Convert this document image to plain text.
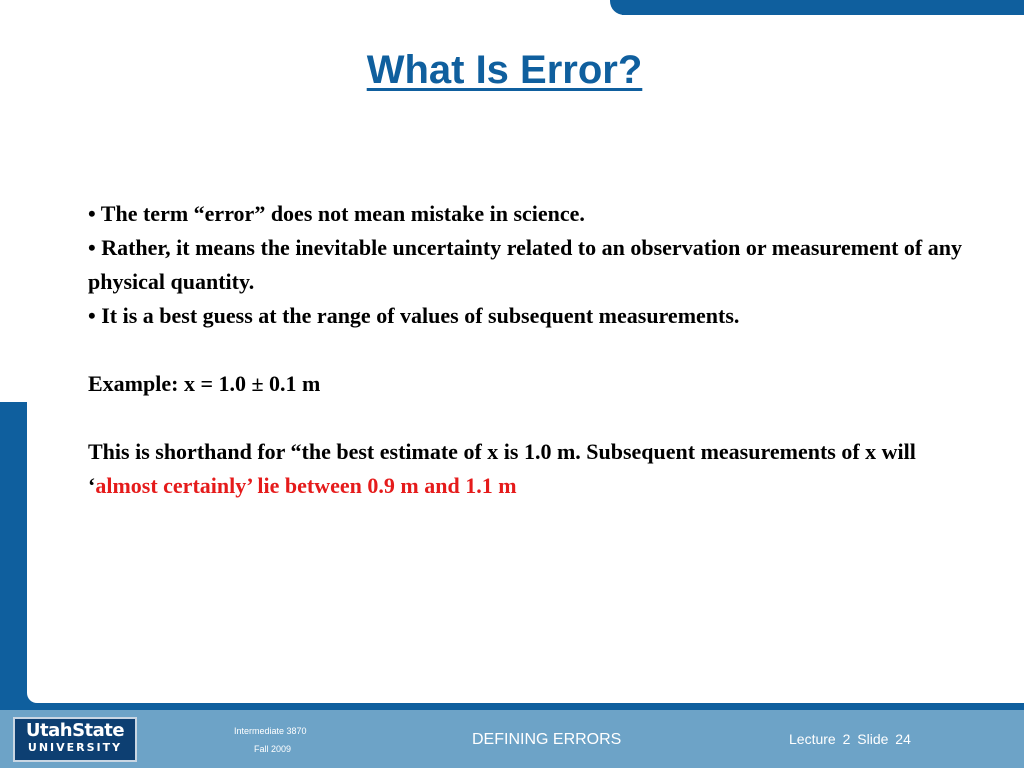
What Is Error?

• The term “error” does not mean mistake in science.

• Rather, it means the inevitable uncertainty related to an observation or measurement of any physical quantity.

• It is a best guess at the range of values of subsequent measurements.

Example: x = 1.0 ± 0.1 m

This is shorthand for “the best estimate of x is 1.0 m. Subsequent measurements of x will ‘almost certainly’ lie between 0.9 m and 1.1 m

UtahState
UNIVERSITY
Intermediate 3870
Fall 2009
DEFINING ERRORS	Lecture 2 Slide 24
